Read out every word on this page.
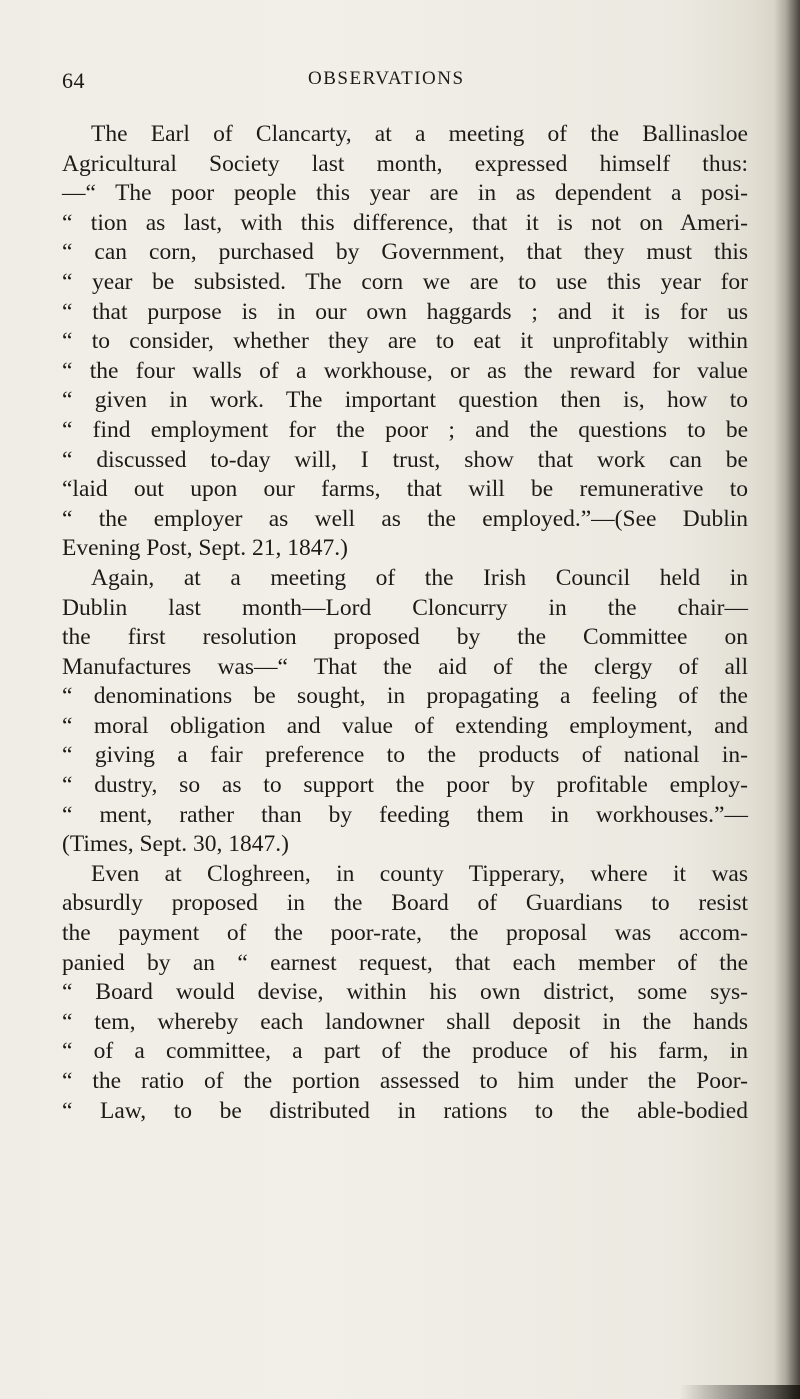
64	OBSERVATIONS
The Earl of Clancarty, at a meeting of the Ballinasloe
Agricultural Society last month, expressed himself thus:
—“ The poor people this year are in as dependent a posi-
“ tion as last, with this difference, that it is not on Ameri-
“ can corn, purchased by Government, that they must this
“ year be subsisted. The corn we are to use this year for
“ that purpose is in our own haggards ; and it is for us
“ to consider, whether they are to eat it unprofitably within
“ the four walls of a workhouse, or as the reward for value
“ given in work. The important question then is, how to
“ find employment for the poor ; and the questions to be
“ discussed to-day will, I trust, show that work can be
“laid out upon our farms, that will be remunerative to
“ the employer as well as the employed.”—(See Dublin
Evening Post, Sept. 21, 1847.)
Again, at a meeting of the Irish Council held in
Dublin last month—Lord Cloncurry in the chair—
the first resolution proposed by the Committee on
Manufactures was—“ That the aid of the clergy of all
“ denominations be sought, in propagating a feeling of the
“ moral obligation and value of extending employment, and
“ giving a fair preference to the products of national in-
“ dustry, so as to support the poor by profitable employ-
“ ment, rather than by feeding them in workhouses.”—
(Times, Sept. 30, 1847.)
Even at Cloghreen, in county Tipperary, where it was
absurdly proposed in the Board of Guardians to resist
the payment of the poor-rate, the proposal was accom-
panied by an “ earnest request, that each member of the
“ Board would devise, within his own district, some sys-
“ tem, whereby each landowner shall deposit in the hands
“ of a committee, a part of the produce of his farm, in
“ the ratio of the portion assessed to him under the Poor-
“ Law, to be distributed in rations to the able-bodied
